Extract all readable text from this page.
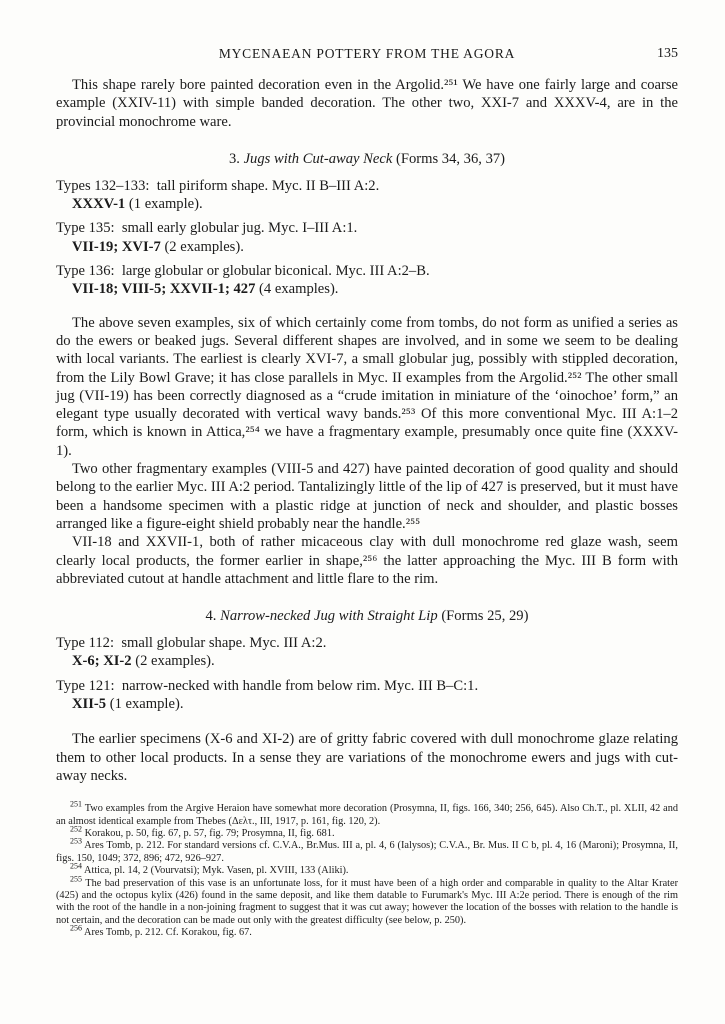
MYCENAEAN POTTERY FROM THE AGORA	135

This shape rarely bore painted decoration even in the Argolid.²⁵¹ We have one fairly large and coarse example (XXIV-11) with simple banded decoration. The other two, XXI-7 and XXXV-4, are in the provincial monochrome ware.

3. Jugs with Cut-away Neck (Forms 34, 36, 37)
Types 132–133: tall piriform shape. Myc. II B–III A:2.
XXXV-1 (1 example).
Type 135: small early globular jug. Myc. I–III A:1.
VII-19; XVI-7 (2 examples).
Type 136: large globular or globular biconical. Myc. III A:2–B.
VII-18; VIII-5; XXVII-1; 427 (4 examples).

The above seven examples, six of which certainly come from tombs, do not form as unified a series as do the ewers or beaked jugs. Several different shapes are involved, and in some we seem to be dealing with local variants. The earliest is clearly XVI-7, a small globular jug, possibly with stippled decoration, from the Lily Bowl Grave; it has close parallels in Myc. II examples from the Argolid.²⁵² The other small jug (VII-19) has been correctly diagnosed as a “crude imitation in miniature of the ‘oinochoe’ form,” an elegant type usually decorated with vertical wavy bands.²⁵³ Of this more conventional Myc. III A:1–2 form, which is known in Attica,²⁵⁴ we have a fragmentary example, presumably once quite fine (XXXV-1).

Two other fragmentary examples (VIII-5 and 427) have painted decoration of good quality and should belong to the earlier Myc. III A:2 period. Tantalizingly little of the lip of 427 is preserved, but it must have been a handsome specimen with a plastic ridge at junction of neck and shoulder, and plastic bosses arranged like a figure-eight shield probably near the handle.²⁵⁵

VII-18 and XXVII-1, both of rather micaceous clay with dull monochrome red glaze wash, seem clearly local products, the former earlier in shape,²⁵⁶ the latter approaching the Myc. III B form with abbreviated cutout at handle attachment and little flare to the rim.

4. Narrow-necked Jug with Straight Lip (Forms 25, 29)
Type 112: small globular shape. Myc. III A:2.
X-6; XI-2 (2 examples).
Type 121: narrow-necked with handle from below rim. Myc. III B–C:1.
XII-5 (1 example).

The earlier specimens (X-6 and XI-2) are of gritty fabric covered with dull monochrome glaze relating them to other local products. In a sense they are variations of the monochrome ewers and jugs with cut-away necks.

$^{251}$ Two examples from the Argive Heraion have somewhat more decoration (Prosymna, II, figs. 166, 340; 256, 645). Also Ch.T., pl. XLII, 42 and an almost identical example from Thebes (Δελτ., III, 1917, p. 161, fig. 120, 2).
$^{252}$ Korakou, p. 50, fig. 67, p. 57, fig. 79; Prosymna, II, fig. 681.
$^{253}$ Ares Tomb, p. 212. For standard versions cf. C.V.A., Br.Mus. III a, pl. 4, 6 (Ialysos); C.V.A., Br. Mus. II C b, pl. 4, 16 (Maroni); Prosymna, II, figs. 150, 1049; 372, 896; 472, 926–927.
$^{254}$ Attica, pl. 14, 2 (Vourvatsi); Myk. Vasen, pl. XVIII, 133 (Aliki).
$^{255}$ The bad preservation of this vase is an unfortunate loss, for it must have been of a high order and comparable in quality to the Altar Krater (425) and the octopus kylix (426) found in the same deposit, and like them datable to Furumark's Myc. III A:2e period. There is enough of the rim with the root of the handle in a non-joining fragment to suggest that it was cut away; however the location of the bosses with relation to the handle is not certain, and the decoration can be made out only with the greatest difficulty (see below, p. 250).
$^{256}$ Ares Tomb, p. 212. Cf. Korakou, fig. 67.
